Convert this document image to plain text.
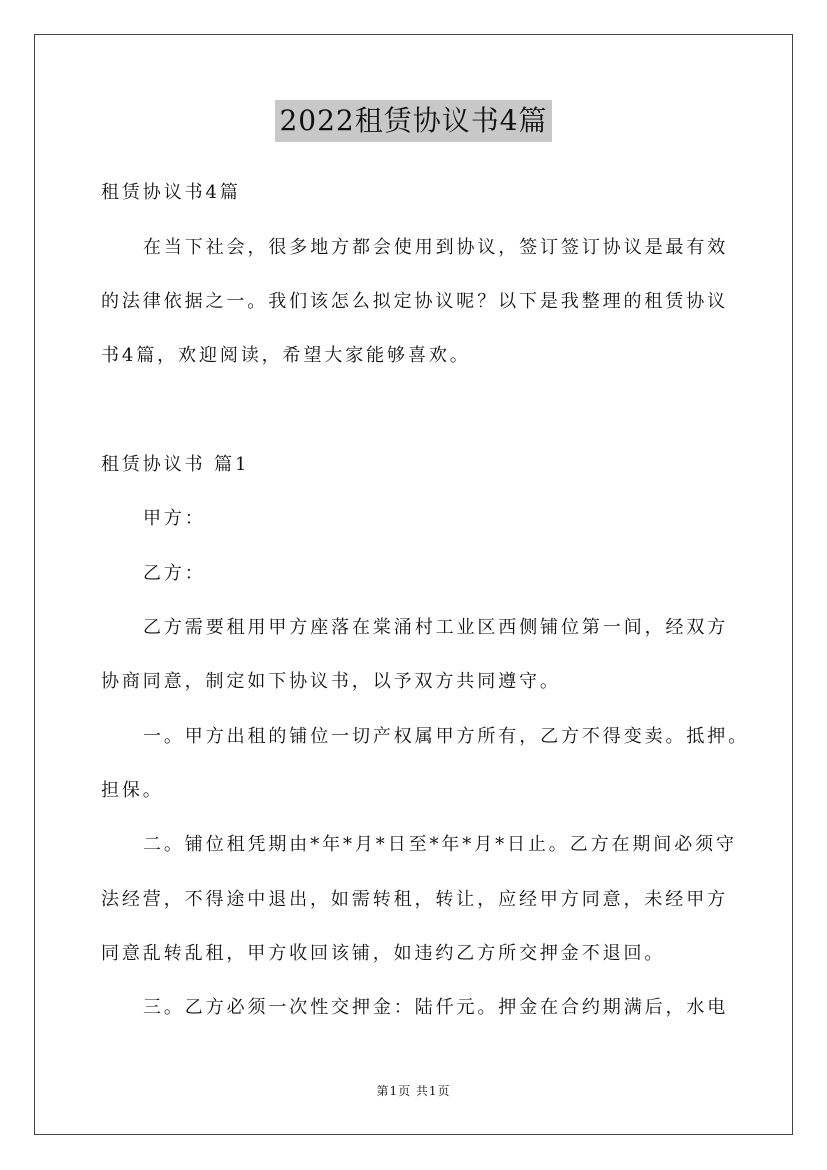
2022租赁协议书4篇
租赁协议书4篇
在当下社会，很多地方都会使用到协议，签订签订协议是最有效
的法律依据之一。我们该怎么拟定协议呢？以下是我整理的租赁协议
书4篇，欢迎阅读，希望大家能够喜欢。
租赁协议书 篇1
甲方：
乙方：
乙方需要租用甲方座落在棠涌村工业区西侧铺位第一间，经双方
协商同意，制定如下协议书，以予双方共同遵守。
一。甲方出租的铺位一切产权属甲方所有，乙方不得变卖。抵押。
担保。
二。铺位租凭期由*年*月*日至*年*月*日止。乙方在期间必须守
法经营，不得途中退出，如需转租，转让，应经甲方同意，未经甲方
同意乱转乱租，甲方收回该铺，如违约乙方所交押金不退回。
三。乙方必须一次性交押金：陆仟元。押金在合约期满后，水电
第1页 共1页
